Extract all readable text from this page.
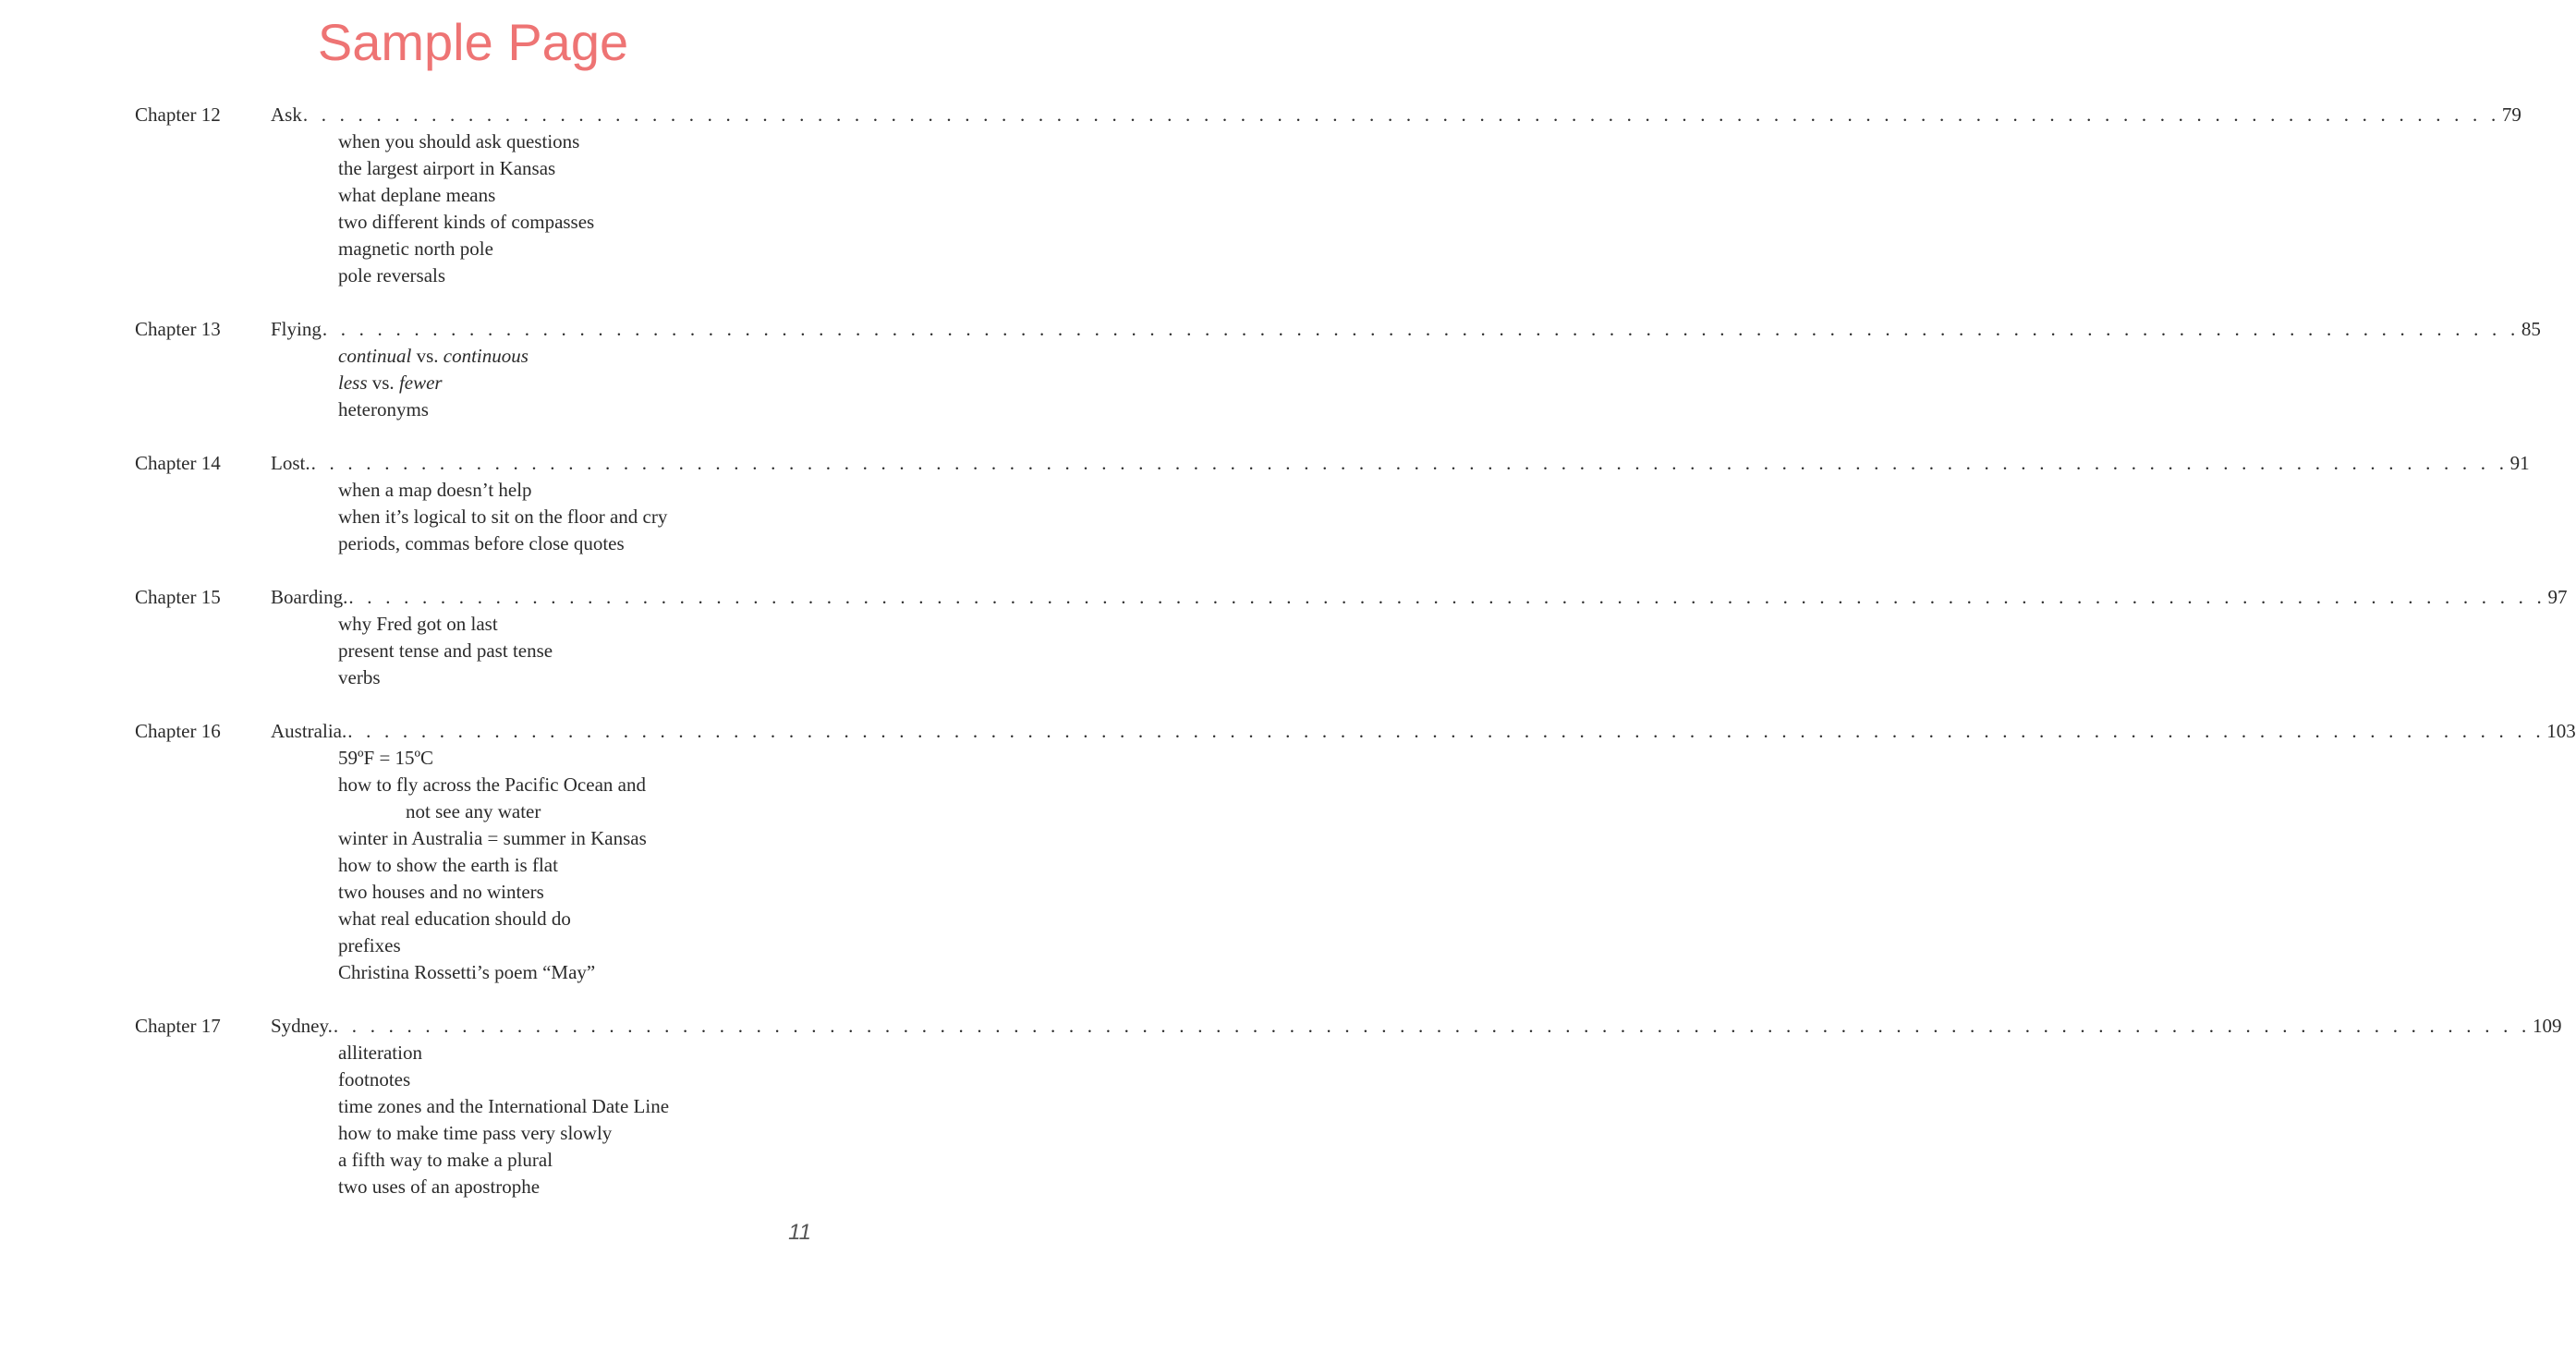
Sample Page
Chapter 12	Ask . . . . . . . . . . . . . . . . . . . . . . . . . . . . . . . . . . . . . . . . . . . . . . . . . . . . . . . . . . . . . . . . . . . . . . . . . . . . . . . . . . . . . . . . . . . . . . . . . . . . . . . . . . . . . . . . . . . . . . . . 79
when you should ask questions
the largest airport in Kansas
what deplane means
two different kinds of compasses
magnetic north pole
pole reversals
Chapter 13	Flying . . . . . . . . . . . . . . . . . . . . . . . . . . . . . . . . . . . . . . . . . . . . . . . . . . . . . . . . . . . . . . . . . . . . . . . . . . . . . . . . . . . . . . . . . . . . . . . . . . . . . . . . . . . . . . . . . . . . . . . . 85
continual vs. continuous
less vs. fewer
heteronyms
Chapter 14	Lost. . . . . . . . . . . . . . . . . . . . . . . . . . . . . . . . . . . . . . . . . . . . . . . . . . . . . . . . . . . . . . . . . . . . . . . . . . . . . . . . . . . . . . . . . . . . . . . . . . . . . . . . . . . . . . . . . . . . . . . . . 91
when a map doesn’t help
when it’s logical to sit on the floor and cry
periods, commas before close quotes
Chapter 15	Boarding. . . . . . . . . . . . . . . . . . . . . . . . . . . . . . . . . . . . . . . . . . . . . . . . . . . . . . . . . . . . . . . . . . . . . . . . . . . . . . . . . . . . . . . . . . . . . . . . . . . . . . . . . . . . . . . . . . . . . . . . . 97
why Fred got on last
present tense and past tense
verbs
Chapter 16	Australia. . . . . . . . . . . . . . . . . . . . . . . . . . . . . . . . . . . . . . . . . . . . . . . . . . . . . . . . . . . . . . . . . . . . . . . . . . . . . . . . . . . . . . . . . . . . . . . . . . . . . . . . . . . . . . . . . . . . . . . . . 103
59ºF = 15ºC
how to fly across the Pacific Ocean and
not see any water
winter in Australia = summer in Kansas
how to show the earth is flat
two houses and no winters
what real education should do
prefixes
Christina Rossetti’s poem “May”
Chapter 17	Sydney. . . . . . . . . . . . . . . . . . . . . . . . . . . . . . . . . . . . . . . . . . . . . . . . . . . . . . . . . . . . . . . . . . . . . . . . . . . . . . . . . . . . . . . . . . . . . . . . . . . . . . . . . . . . . . . . . . . . . . . . . 109
alliteration
footnotes
time zones and the International Date Line
how to make time pass very slowly
a fifth way to make a plural
two uses of an apostrophe
11
